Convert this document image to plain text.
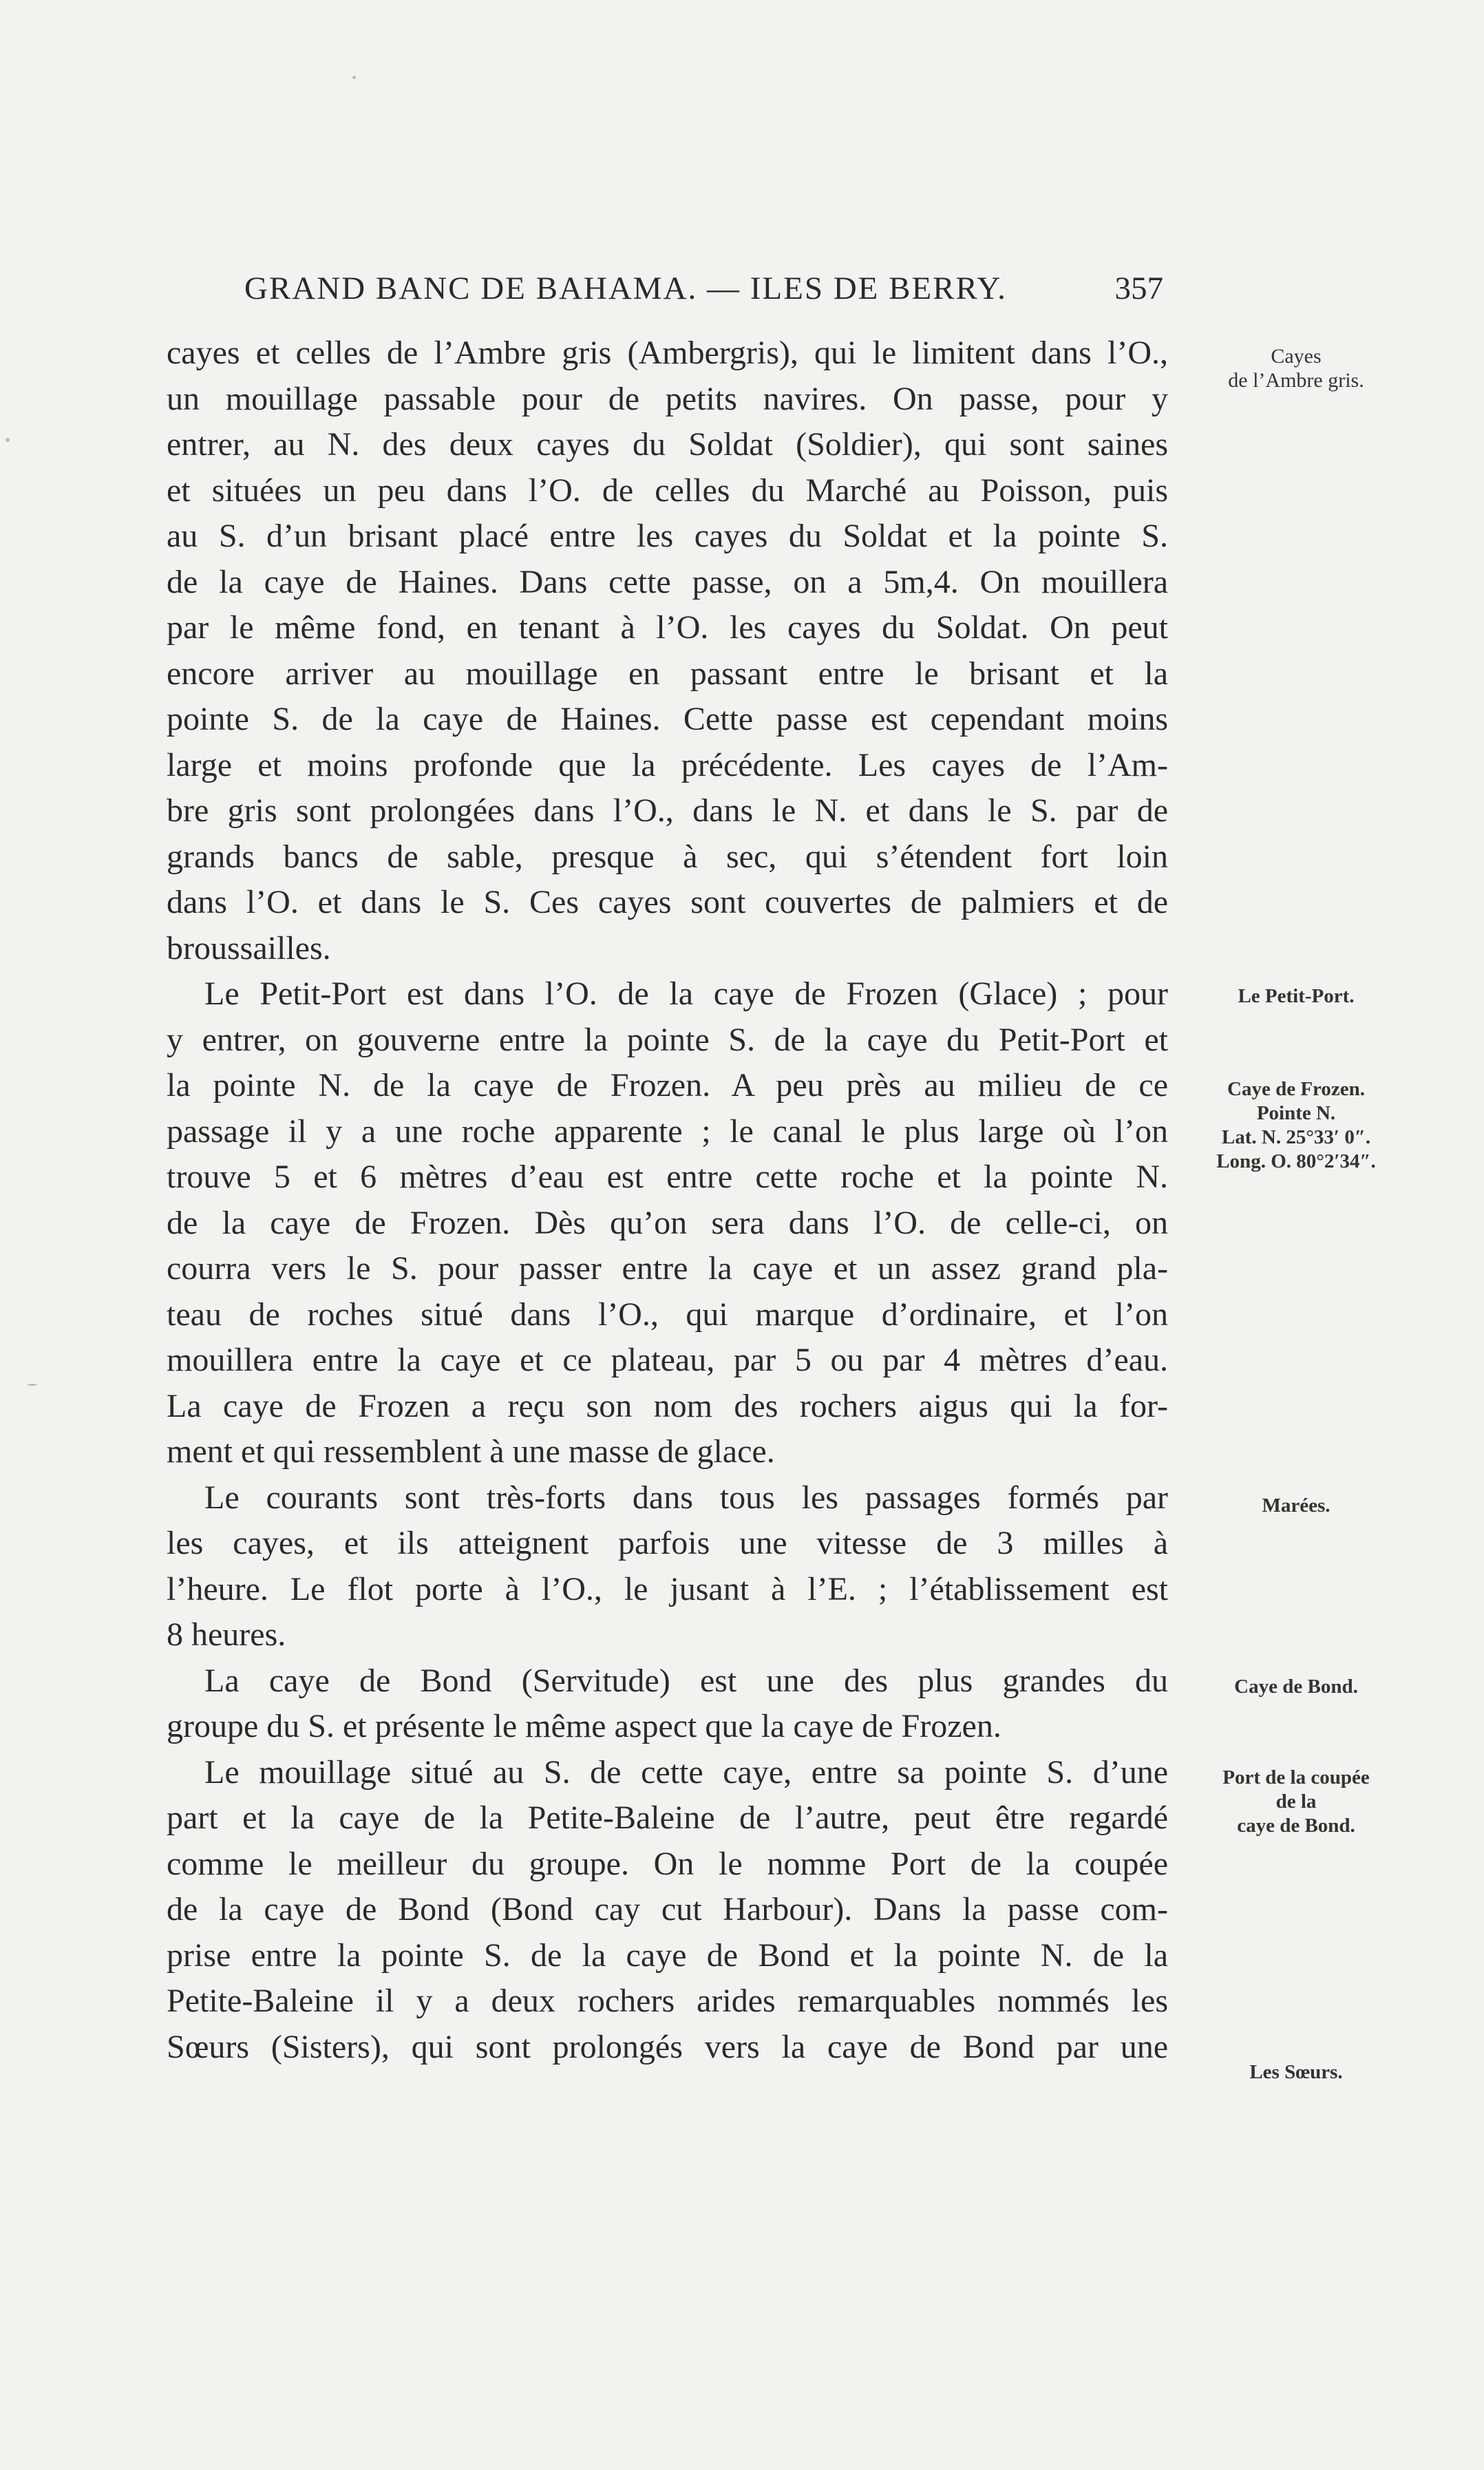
GRAND BANC DE BAHAMA. — ILES DE BERRY.	357
cayes et celles de l’Ambre gris (Ambergris), qui le limitent dans l’O.,
un mouillage passable pour de petits navires. On passe, pour y
entrer, au N. des deux cayes du Soldat (Soldier), qui sont saines
et situées un peu dans l’O. de celles du Marché au Poisson, puis
au S. d’un brisant placé entre les cayes du Soldat et la pointe S.
de la caye de Haines. Dans cette passe, on a 5m,4. On mouillera
par le même fond, en tenant à l’O. les cayes du Soldat. On peut
encore arriver au mouillage en passant entre le brisant et la
pointe S. de la caye de Haines. Cette passe est cependant moins
large et moins profonde que la précédente. Les cayes de l’Am-
bre gris sont prolongées dans l’O., dans le N. et dans le S. par de
grands bancs de sable, presque à sec, qui s’étendent fort loin
dans l’O. et dans le S. Ces cayes sont couvertes de palmiers et de
broussailles.
Le Petit-Port est dans l’O. de la caye de Frozen (Glace) ; pour
y entrer, on gouverne entre la pointe S. de la caye du Petit-Port et
la pointe N. de la caye de Frozen. A peu près au milieu de ce
passage il y a une roche apparente ; le canal le plus large où l’on
trouve 5 et 6 mètres d’eau est entre cette roche et la pointe N.
de la caye de Frozen. Dès qu’on sera dans l’O. de celle-ci, on
courra vers le S. pour passer entre la caye et un assez grand pla-
teau de roches situé dans l’O., qui marque d’ordinaire, et l’on
mouillera entre la caye et ce plateau, par 5 ou par 4 mètres d’eau.
La caye de Frozen a reçu son nom des rochers aigus qui la for-
ment et qui ressemblent à une masse de glace.
Le courants sont très-forts dans tous les passages formés par
les cayes, et ils atteignent parfois une vitesse de 3 milles à
l’heure. Le flot porte à l’O., le jusant à l’E. ; l’établissement est
8 heures.
La caye de Bond (Servitude) est une des plus grandes du
groupe du S. et présente le même aspect que la caye de Frozen.
Le mouillage situé au S. de cette caye, entre sa pointe S. d’une
part et la caye de la Petite-Baleine de l’autre, peut être regardé
comme le meilleur du groupe. On le nomme Port de la coupée
de la caye de Bond (Bond cay cut Harbour). Dans la passe com-
prise entre la pointe S. de la caye de Bond et la pointe N. de la
Petite-Baleine il y a deux rochers arides remarquables nommés les
Sœurs (Sisters), qui sont prolongés vers la caye de Bond par une
Cayes
de l’Ambre gris.
Le Petit-Port.
Caye de Frozen.
Pointe N.
Lat. N. 25°33′ 0″.
Long. O. 80°2′34″.
Marées.
Caye de Bond.
Port de la coupée
de la
caye de Bond.
Les Sœurs.
